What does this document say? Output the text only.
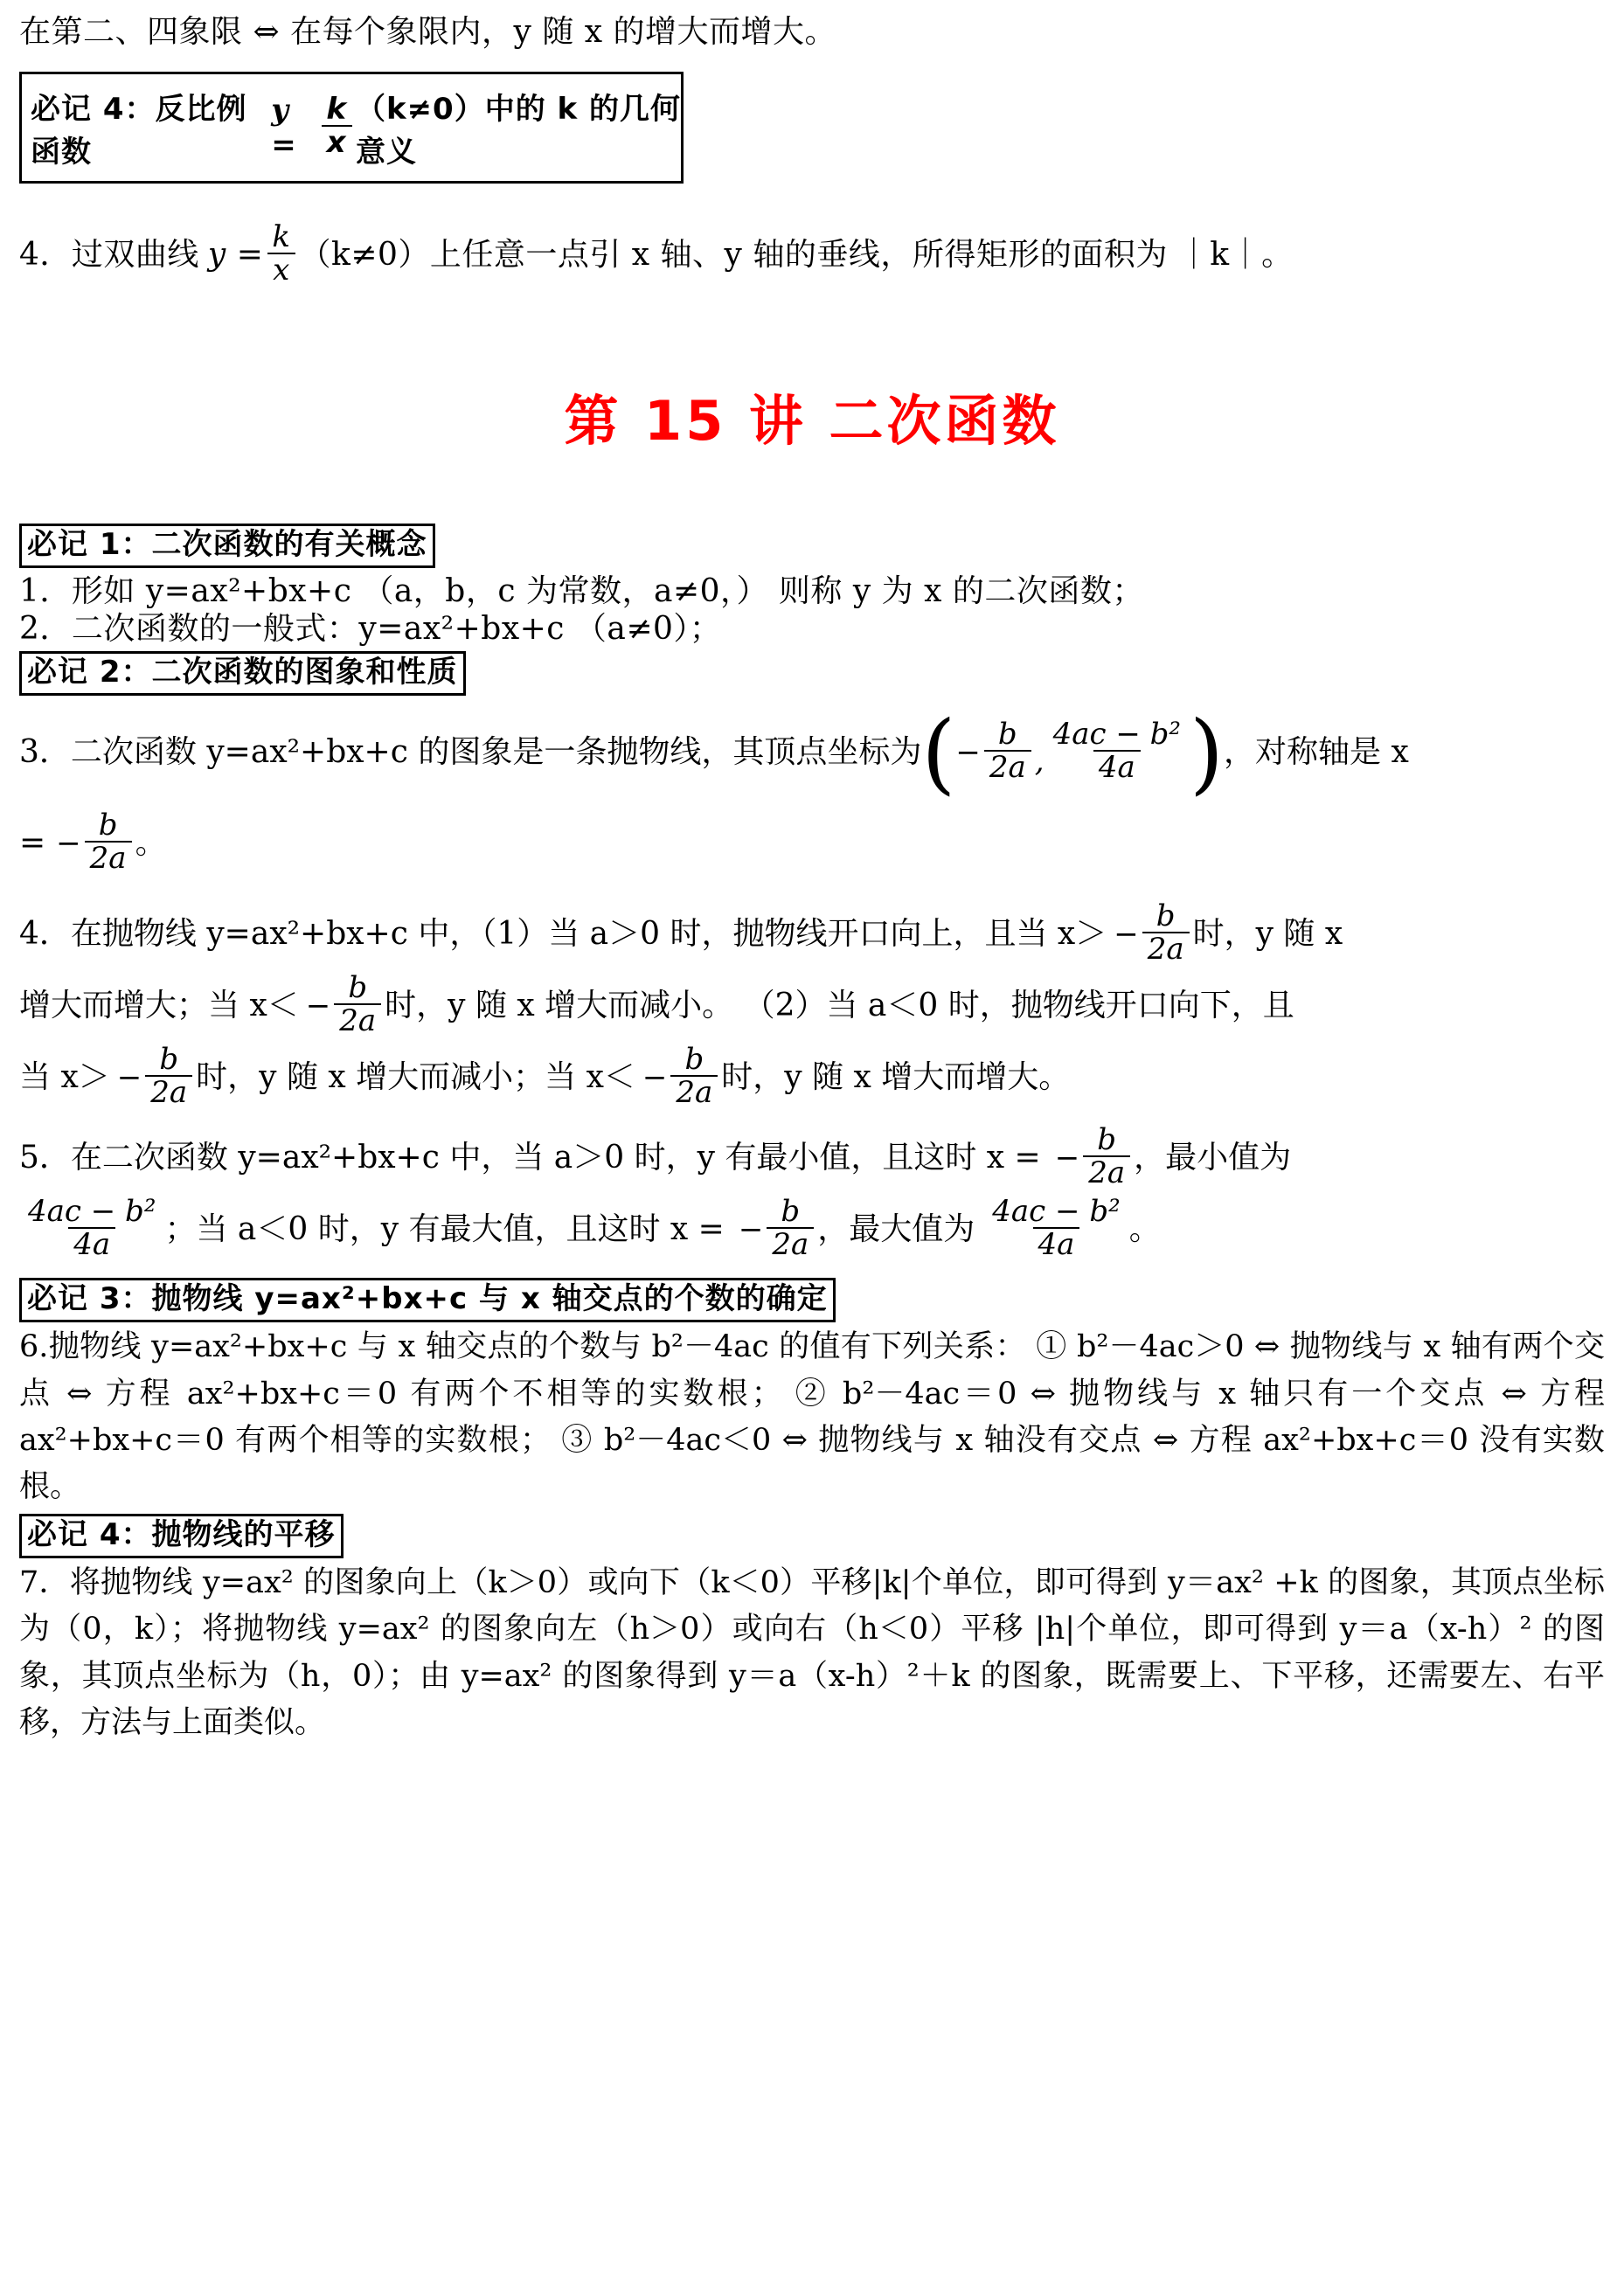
在第二、四象限 ⇔ 在每个象限内，y 随 x 的增大而增大。

必记 4：反比例函数
$y = \frac{k}{x} (k\ne 0)$中的 k 的几何意义
4．过双曲线 $y = \frac{k}{x} (k\ne 0)$上任意一点引 x 轴、y 轴的垂线，所得矩形的面积为 ｜k｜。
第 15 讲 二次函数
必记 1：二次函数的有关概念

1．形如 y=ax²+bx+c （a，b，c 为常数，a≠0，） 则称 y 为 x 的二次函数；

2．二次函数的一般式：y=ax²+bx+c （a≠0）；

必记 2：二次函数的图象和性质
3．二次函数 y=ax²+bx+c 的图象是一条抛物线，其顶点坐标为 ( − $\frac{b}{2a}$ , $\frac{\text{4ac − b²}}{4a}$ ) ，对称轴是 x
= − $\frac{b}{2a}$ 。
4．在抛物线 y=ax²+bx+c 中，（1）当 a＞0 时，抛物线开口向上，且当 $x> - \frac{b}{2a}$ 时，y 随 x
增大而增大；当 $x< - \frac{b}{2a}$ 时，y 随 x 增大而减小。 （2）当 a＜0 时，抛物线开口向下，且
当 $x> - \frac{b}{2a}$ 时，y 随 x 增大而减小；当 $x< - \frac{b}{2a}$ 时，y 随 x 增大而增大。
5．在二次函数 y=ax²+bx+c 中，当 a＞0 时，y 有最小值，且这时 x = − $\frac{b}{2a}$ ，最小值为
$\frac{\text{4ac − b²}}{4a}$ ；当 a＜0 时，y 有最大值，且这时 x = − $\frac{b}{2a}$ ，最大值为 $\frac{\text{4ac − b²}}{4a}$ 。
必记 3：抛物线 y=ax²+bx+c 与 x 轴交点的个数的确定

6.抛物线 y=ax²+bx+c 与 x 轴交点的个数与 b²－4ac 的值有下列关系： ① b²－4ac＞0 ⇔ 抛物线与 x 轴有两个交点 ⇔ 方程 ax²+bx+c＝0 有两个不相等的实数根； ② b²－4ac＝0 ⇔ 抛物线与 x 轴只有一个交点 ⇔ 方程 ax²+bx+c＝0 有两个相等的实数根； ③ b²－4ac＜0 ⇔ 抛物线与 x 轴没有交点 ⇔ 方程 ax²+bx+c＝0 没有实数根。

必记 4：抛物线的平移

7．将抛物线 y=ax² 的图象向上（k＞0）或向下（k＜0）平移|k|个单位，即可得到 y＝ax² +k 的图象，其顶点坐标为（0，k）；将抛物线 y=ax² 的图象向左（h＞0）或向右（h＜0）平移 |h|个单位，即可得到 y＝a（x-h）² 的图象，其顶点坐标为（h，0）；由 y=ax² 的图象得到 y＝a（x-h）²＋k 的图象，既需要上、下平移，还需要左、右平移，方法与上面类似。
